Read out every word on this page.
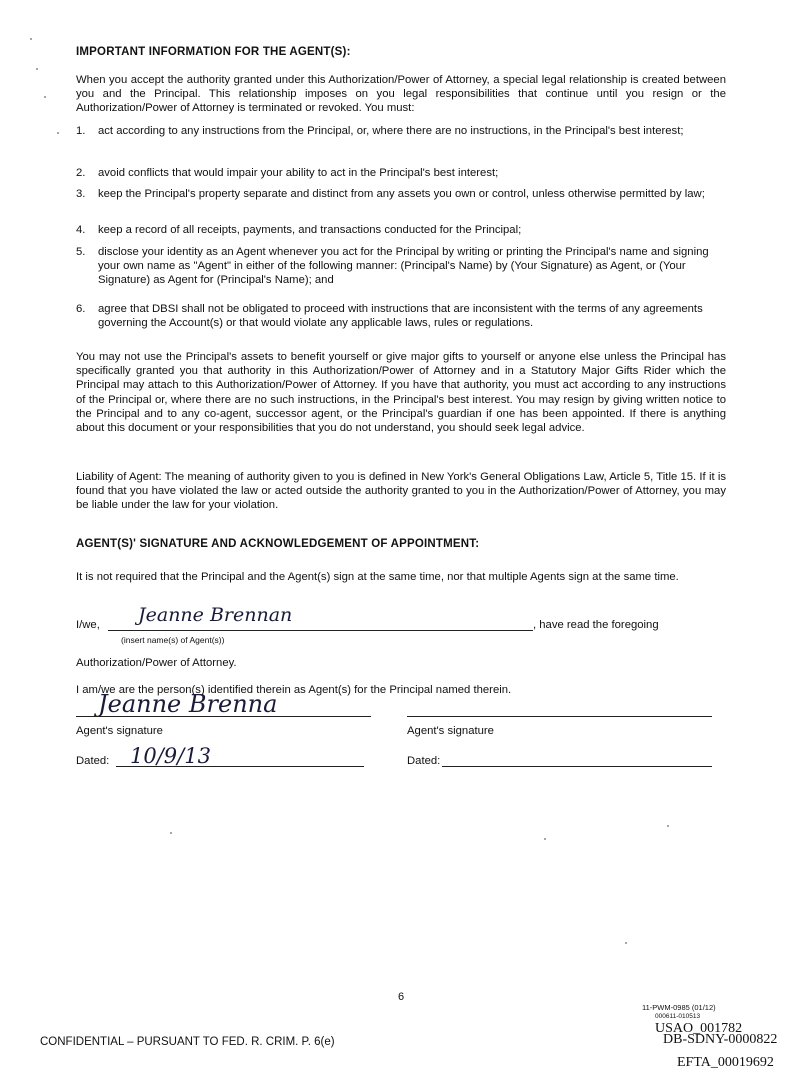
IMPORTANT INFORMATION FOR THE AGENT(S):
When you accept the authority granted under this Authorization/Power of Attorney, a special legal relationship is created between you and the Principal. This relationship imposes on you legal responsibilities that continue until you resign or the Authorization/Power of Attorney is terminated or revoked. You must:
1.	act according to any instructions from the Principal, or, where there are no instructions, in the Principal's best interest;
2.	avoid conflicts that would impair your ability to act in the Principal's best interest;
3.	keep the Principal's property separate and distinct from any assets you own or control, unless otherwise permitted by law;
4.	keep a record of all receipts, payments, and transactions conducted for the Principal;
5.	disclose your identity as an Agent whenever you act for the Principal by writing or printing the Principal's name and signing your own name as "Agent" in either of the following manner: (Principal's Name) by (Your Signature) as Agent, or (Your Signature) as Agent for (Principal's Name); and
6.	agree that DBSI shall not be obligated to proceed with instructions that are inconsistent with the terms of any agreements governing the Account(s) or that would violate any applicable laws, rules or regulations.
You may not use the Principal's assets to benefit yourself or give major gifts to yourself or anyone else unless the Principal has specifically granted you that authority in this Authorization/Power of Attorney and in a Statutory Major Gifts Rider which the Principal may attach to this Authorization/Power of Attorney. If you have that authority, you must act according to any instructions of the Principal or, where there are no such instructions, in the Principal's best interest. You may resign by giving written notice to the Principal and to any co-agent, successor agent, or the Principal's guardian if one has been appointed. If there is anything about this document or your responsibilities that you do not understand, you should seek legal advice.
Liability of Agent: The meaning of authority given to you is defined in New York's General Obligations Law, Article 5, Title 15. If it is found that you have violated the law or acted outside the authority granted to you in the Authorization/Power of Attorney, you may be liable under the law for your violation.
AGENT(S)' SIGNATURE AND ACKNOWLEDGEMENT OF APPOINTMENT:
It is not required that the Principal and the Agent(s) sign at the same time, nor that multiple Agents sign at the same time.
I/we, Jeanne Brennan	, have read the foregoing
(insert name(s) of Agent(s))
Authorization/Power of Attorney.
I am/we are the person(s) identified therein as Agent(s) for the Principal named therein.
Jeanne Brenna
Agent's signature	Agent's signature
Dated: 10/9/13	Dated:
6
11-PWM-0985 (01/12)
000611-010513
CONFIDENTIAL – PURSUANT TO FED. R. CRIM. P. 6(e)
USAO_001782
DB-SDNY-0000822
EFTA_00019692
